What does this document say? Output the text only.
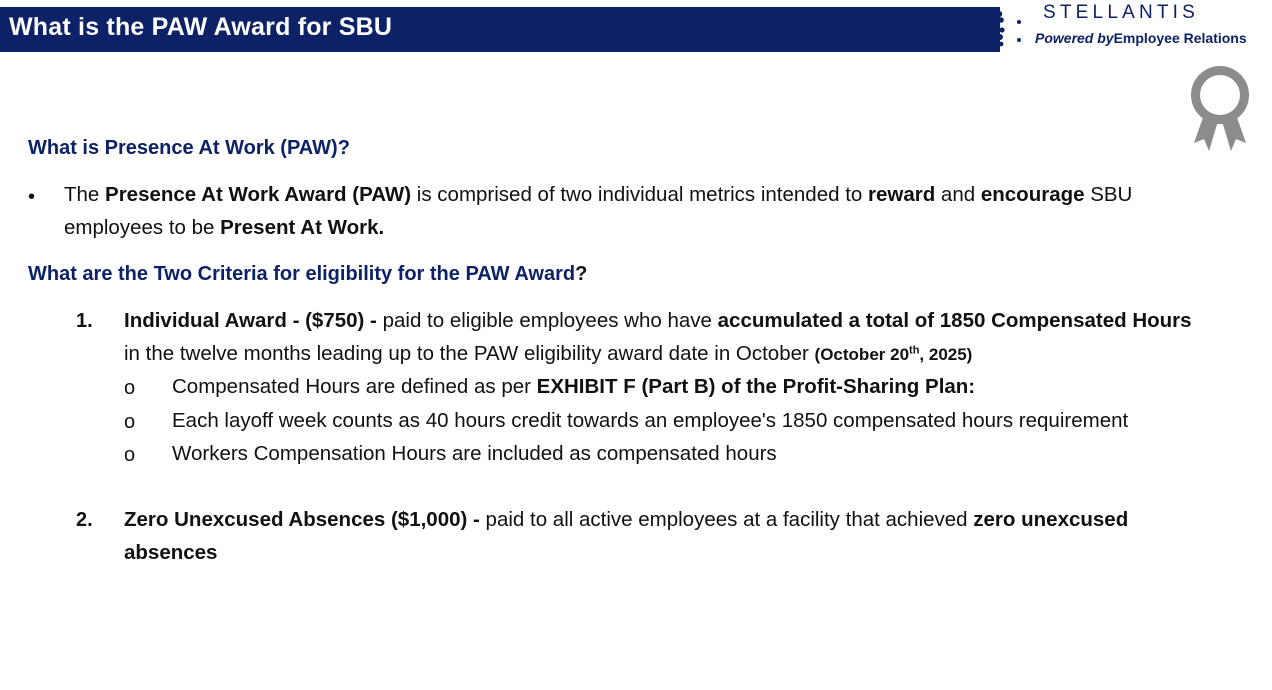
What is the PAW Award for SBU
STELLANTIS
Powered byEmployee Relations
What is Presence At Work (PAW)?
• The Presence At Work Award (PAW) is comprised of two individual metrics intended to reward and encourage SBU
employees to be Present At Work.
What are the Two Criteria for eligibility for the PAW Award?
1. Individual Award - ($750) - paid to eligible employees who have accumulated a total of 1850 Compensated Hours
in the twelve months leading up to the PAW eligibility award date in October (October 20th, 2025)
o Compensated Hours are defined as per EXHIBIT F (Part B) of the Profit-Sharing Plan:
o Each layoff week counts as 40 hours credit towards an employee's 1850 compensated hours requirement
o Workers Compensation Hours are included as compensated hours
2. Zero Unexcused Absences ($1,000) - paid to all active employees at a facility that achieved zero unexcused
absences
